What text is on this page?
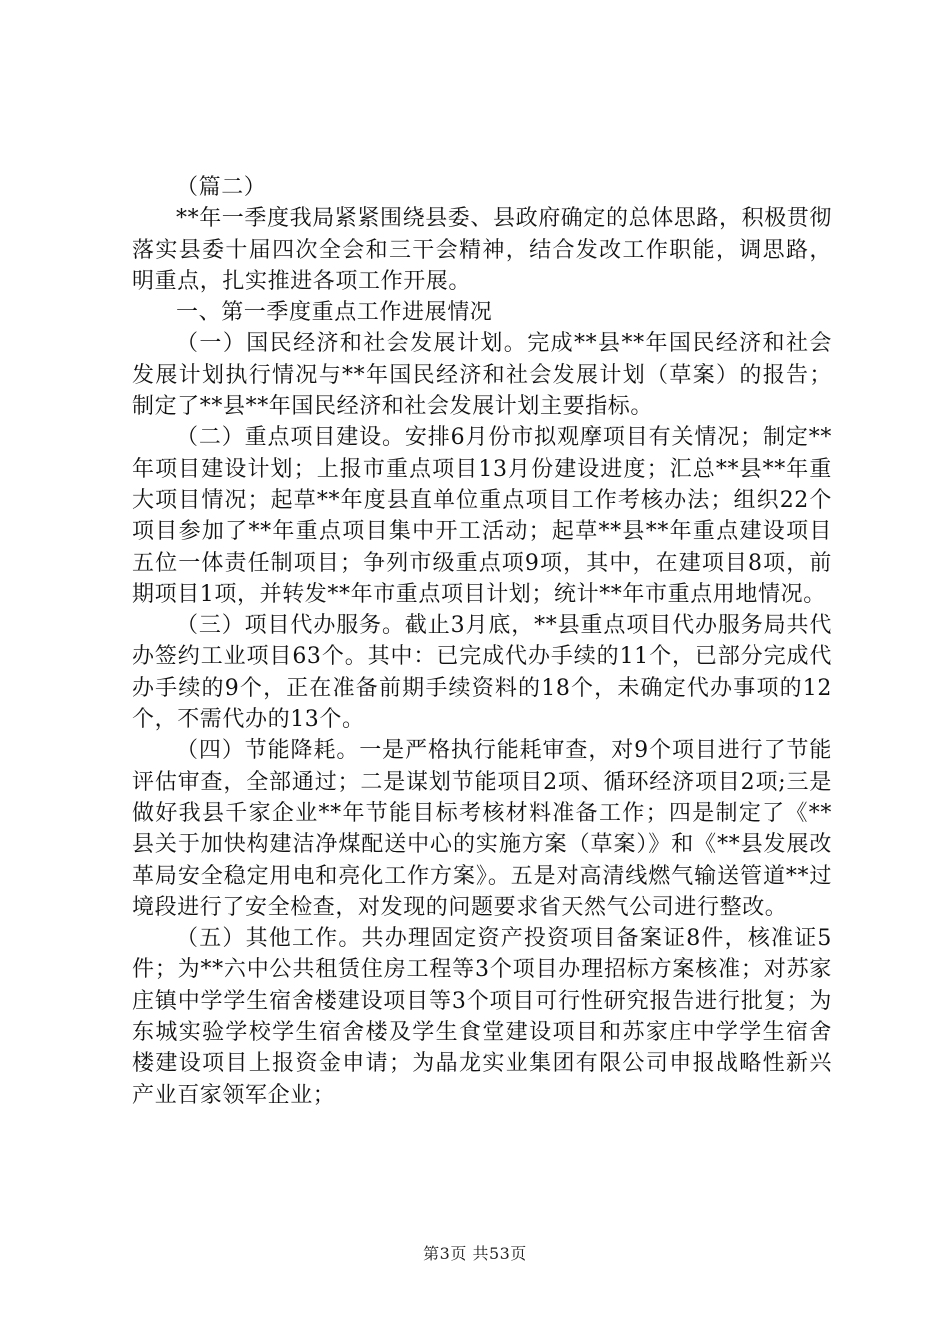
（篇二）

**年一季度我局紧紧围绕县委、县政府确定的总体思路，积极贯彻落实县委十届四次全会和三干会精神，结合发改工作职能，调思路，明重点，扎实推进各项工作开展。

一、第一季度重点工作进展情况

（一）国民经济和社会发展计划。完成**县**年国民经济和社会发展计划执行情况与**年国民经济和社会发展计划（草案）的报告；制定了**县**年国民经济和社会发展计划主要指标。

（二）重点项目建设。安排6月份市拟观摩项目有关情况；制定**年项目建设计划；上报市重点项目13月份建设进度；汇总**县**年重大项目情况；起草**年度县直单位重点项目工作考核办法；组织22个项目参加了**年重点项目集中开工活动；起草**县**年重点建设项目五位一体责任制项目；争列市级重点项9项，其中，在建项目8项，前期项目1项，并转发**年市重点项目计划；统计**年市重点用地情况。

（三）项目代办服务。截止3月底，**县重点项目代办服务局共代办签约工业项目63个。其中：已完成代办手续的11个，已部分完成代办手续的9个，正在准备前期手续资料的18个，未确定代办事项的12个，不需代办的13个。

（四）节能降耗。一是严格执行能耗审查，对9个项目进行了节能评估审查，全部通过；二是谋划节能项目2项、循环经济项目2项;三是做好我县千家企业**年节能目标考核材料准备工作；四是制定了《**县关于加快构建洁净煤配送中心的实施方案（草案）》和《**县发展改革局安全稳定用电和亮化工作方案》。五是对高清线燃气输送管道**过境段进行了安全检查，对发现的问题要求省天然气公司进行整改。

（五）其他工作。共办理固定资产投资项目备案证8件，核准证5件；为**六中公共租赁住房工程等3个项目办理招标方案核准；对苏家庄镇中学学生宿舍楼建设项目等3个项目可行性研究报告进行批复；为东城实验学校学生宿舍楼及学生食堂建设项目和苏家庄中学学生宿舍楼建设项目上报资金申请；为晶龙实业集团有限公司申报战略性新兴产业百家领军企业；

第3页 共53页
